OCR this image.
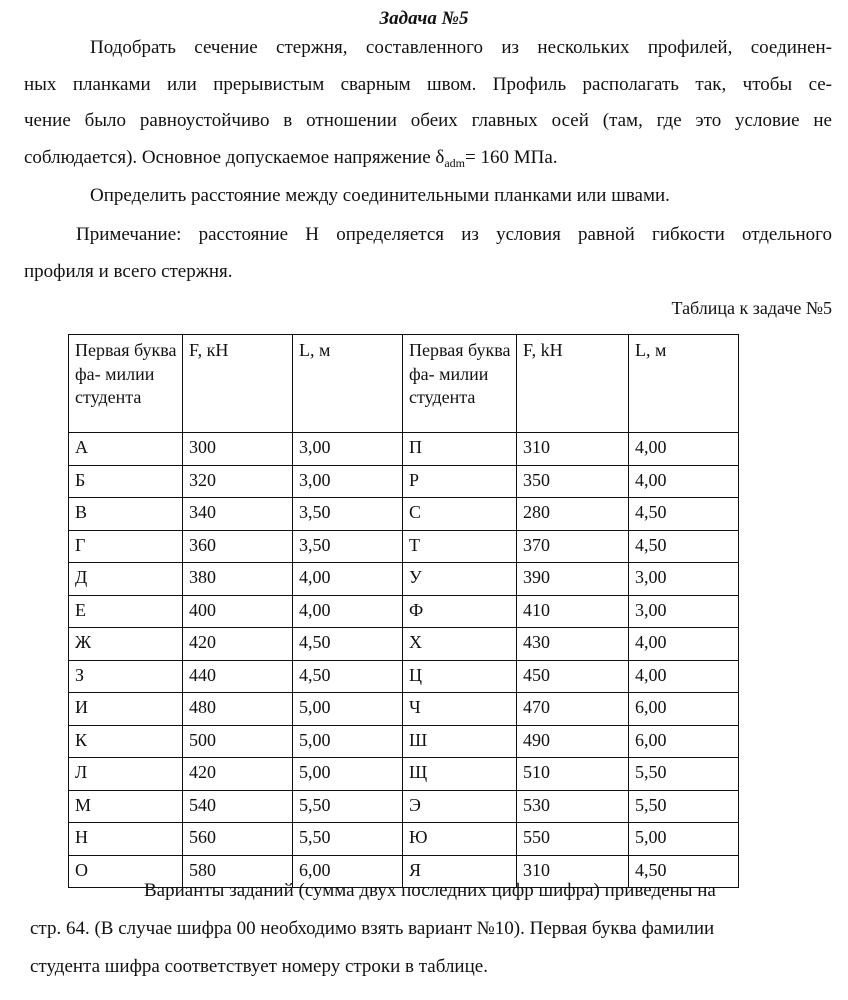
Задача №5
Подобрать сечение стержня, составленного из нескольких профилей, соединен-
ных планками или прерывистым сварным швом. Профиль располагать так, чтобы се-
чение было равноустойчиво в отношении обеих главных осей (там, где это условие не
соблюдается). Основное допускаемое напряжение $\delta_{adm}= 160$ МПа.
Определить расстояние между соединительными планками или швами.
Примечание: расстояние Н определяется из условия равной гибкости отдельного
профиля и всего стержня.
Таблица к задаче №5
Первая буква фа- милии студента	F, кН	L, м	Первая буква фа- милии студента	F, kH	L, м
А	300	3,00	П	310	4,00
Б	320	3,00	Р	350	4,00
В	340	3,50	С	280	4,50
Г	360	3,50	Т	370	4,50
Д	380	4,00	У	390	3,00
Е	400	4,00	Ф	410	3,00
Ж	420	4,50	Х	430	4,00
З	440	4,50	Ц	450	4,00
И	480	5,00	Ч	470	6,00
К	500	5,00	Ш	490	6,00
Л	420	5,00	Щ	510	5,50
М	540	5,50	Э	530	5,50
Н	560	5,50	Ю	550	5,00
О	580	6,00	Я	310	4,50
Варианты заданий (сумма двух последних цифр шифра) приведены на
стр. 64. (В случае шифра 00 необходимо взять вариант №10). Первая буква фамилии
студента шифра соответствует номеру строки в таблице.
